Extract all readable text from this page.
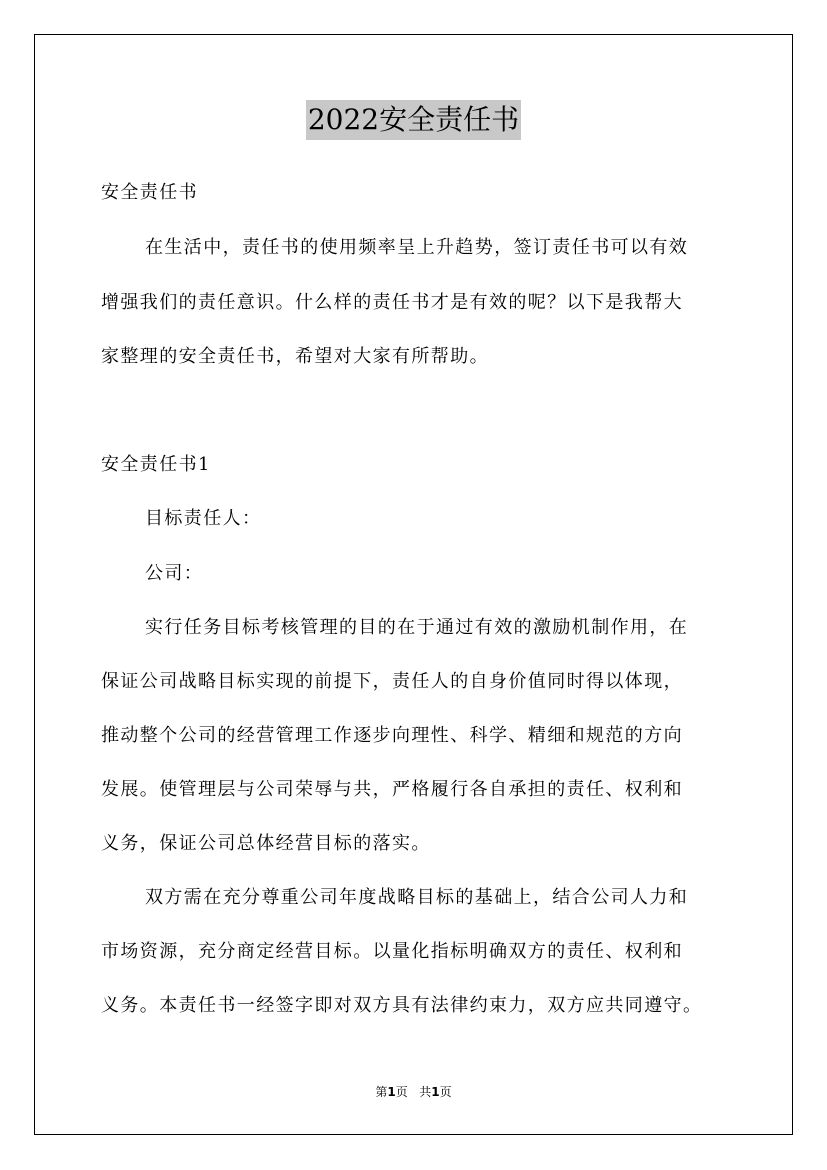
2022安全责任书
安全责任书
在生活中，责任书的使用频率呈上升趋势，签订责任书可以有效
增强我们的责任意识。什么样的责任书才是有效的呢？以下是我帮大
家整理的安全责任书，希望对大家有所帮助。
安全责任书1
目标责任人：
公司：
实行任务目标考核管理的目的在于通过有效的激励机制作用，在
保证公司战略目标实现的前提下，责任人的自身价值同时得以体现，
推动整个公司的经营管理工作逐步向理性、科学、精细和规范的方向
发展。使管理层与公司荣辱与共，严格履行各自承担的责任、权利和
义务，保证公司总体经营目标的落实。
双方需在充分尊重公司年度战略目标的基础上，结合公司人力和
市场资源，充分商定经营目标。以量化指标明确双方的责任、权利和
义务。本责任书一经签字即对双方具有法律约束力，双方应共同遵守。
第1页 共1页
